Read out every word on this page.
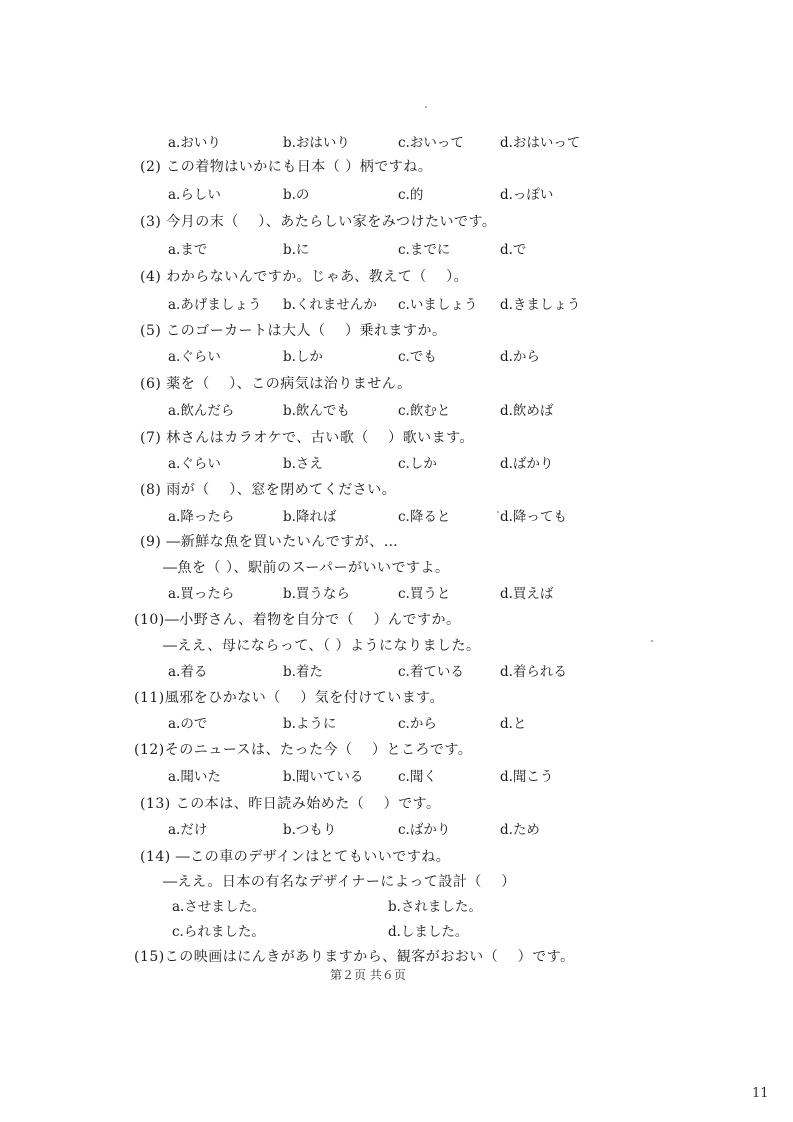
第２页 共６页
11
a.おいり	b.おはいり	c.おいって	d.おはいって
(2) この着物はいかにも日本（ ）柄ですね。
a.らしい	b.の	c.的	d.っぽい
(3) 今月の末（　 ）、あたらしい家をみつけたいです。
a.まで	b.に	c.までに	d.で
(4) わからないんですか。じゃあ、教えて（　 ）。
a.あげましょう b.くれませんか c.いましょう d.きましょう
(5) このゴーカートは大人（　 ）乗れますか。
a.ぐらい	b.しか	c.でも	d.から
(6) 薬を（　 ）、この病気は治りません。
a.飲んだら	b.飲んでも	c.飲むと	d.飲めば
(7) 林さんはカラオケで、古い歌（　 ）歌います。
a.ぐらい	b.さえ	c.しか	d.ばかり
(8) 雨が（　 ）、窓を閉めてください。
a.降ったら	b.降れば	c.降ると	d.降っても
(9) ―新鮮な魚を買いたいんですが、…
―魚を（ ）、駅前のスーパーがいいですよ。
a.買ったら	b.買うなら	c.買うと	d.買えば
(10)―小野さん、着物を自分で（　 ）んですか。
―ええ、母にならって、（ ）ようになりました。
a.着る	b.着た	c.着ている	d.着られる
(11)風邪をひかない（　 ）気を付けています。
a.ので	b.ように	c.から	d.と
(12)そのニュースは、たった今（　 ）ところです。
a.聞いた	b.聞いている	c.聞く	d.聞こう
(13) この本は、昨日読み始めた（　 ）です。
a.だけ	b.つもり	c.ばかり	d.ため
(14) ―この車のデザインはとてもいいですね。
―ええ。日本の有名なデザイナーによって設計（　 ）
a.させました。	b.されました。
c.られました。	d.しました。
(15)この映画はにんきがありますから、観客がおおい（　 ）です。
